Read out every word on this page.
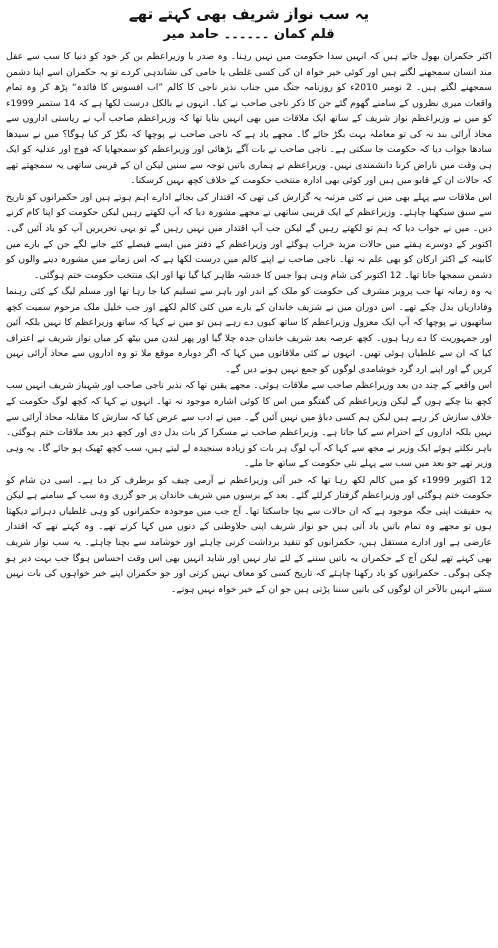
یہ سب نواز شریف بھی کہتے تھے
قلم کمان ۔۔۔۔۔۔ حامد میر

اکثر حکمران بھول جاتے ہیں کہ انہیں سدا حکومت میں نہیں رہنا۔ وہ صدر یا وزیراعظم بن کر خود کو دنیا کا سب سے عقل مند انسان سمجھنے لگتے ہیں اور کوئی خیر خواہ ان کی کسی غلطی یا خامی کی نشاندہی کردے تو یہ حکمران اسے اپنا دشمن سمجھنے لگتے ہیں۔ 2 نومبر 2010ء کو روزنامہ جنگ میں جناب نذیر ناجی کا کالم ”اب افسوس کا فائدہ“ پڑھ کر وہ تمام واقعات میری نظروں کے سامنے گھوم گئے جن کا ذکر ناجی صاحب نے کیا۔ انہوں نے بالکل درست لکھا ہے کہ 14 ستمبر 1999ء کو میں نے وزیراعظم نواز شریف کے ساتھ ایک ملاقات میں بھی انہیں بتایا تھا کہ وزیراعظم صاحب آپ نے ریاستی اداروں سے محاذ آرائی بند نہ کی تو معاملہ بہت بگڑ جائے گا۔ مجھے یاد ہے کہ ناجی صاحب نے پوچھا کہ بگڑ کر کیا ہوگا؟ میں نے سیدھا سادھا جواب دیا کہ حکومت جا سکتی ہے۔ ناجی صاحب نے بات آگے بڑھائی اور وزیراعظم کو سمجھایا کہ فوج اور عدلیہ کو ایک ہی وقت میں ناراض کرنا دانشمندی نہیں۔ وزیراعظم نے ہماری باتیں توجہ سے سنیں لیکن ان کے قریبی ساتھی یہ سمجھتے تھے کہ حالات ان کے قابو میں ہیں اور کوئی بھی ادارہ منتخب حکومت کے خلاف کچھ نہیں کرسکتا۔

اس ملاقات سے پہلے بھی میں نے کئی مرتبہ یہ گزارش کی تھی کہ اقتدار کی بجائے ادارے اہم ہوتے ہیں اور حکمرانوں کو تاریخ سے سبق سیکھنا چاہئے۔ وزیراعظم کے ایک قریبی ساتھی نے مجھے مشورہ دیا کہ آپ لکھتے رہیں لیکن حکومت کو اپنا کام کرنے دیں۔ میں نے جواب دیا کہ ہم تو لکھتے رہیں گے لیکن جب آپ اقتدار میں نہیں رہیں گے تو یہی تحریریں آپ کو یاد آئیں گی۔ اکتوبر کے دوسرے ہفتے میں حالات مزید خراب ہوگئے اور وزیراعظم کے دفتر میں ایسے فیصلے کئے جانے لگے جن کے بارے میں کابینہ کے اکثر ارکان کو بھی علم نہ تھا۔ ناجی صاحب نے اپنے کالم میں درست لکھا ہے کہ اس زمانے میں مشورہ دینے والوں کو دشمن سمجھا جاتا تھا۔ 12 اکتوبر کی شام وہی ہوا جس کا خدشہ ظاہر کیا گیا تھا اور ایک منتخب حکومت ختم ہوگئی۔

یہ وہ زمانہ تھا جب پرویز مشرف کی حکومت کو ملک کے اندر اور باہر سے تسلیم کیا جا رہا تھا اور مسلم لیگ کے کئی رہنما وفاداریاں بدل چکے تھے۔ اس دوران میں نے شریف خاندان کے بارے میں کئی کالم لکھے اور جب خلیل ملک مرحوم سمیت کچھ ساتھیوں نے پوچھا کہ آپ ایک معزول وزیراعظم کا ساتھ کیوں دے رہے ہیں تو میں نے کہا کہ ساتھ وزیراعظم کا نہیں بلکہ آئین اور جمہوریت کا دے رہا ہوں۔ کچھ عرصہ بعد شریف خاندان جدہ چلا گیا اور پھر لندن میں بیٹھ کر میاں نواز شریف نے اعتراف کیا کہ ان سے غلطیاں ہوئی تھیں۔ انہوں نے کئی ملاقاتوں میں کہا کہ اگر دوبارہ موقع ملا تو وہ اداروں سے محاذ آرائی نہیں کریں گے اور اپنے ارد گرد خوشامدی لوگوں کو جمع نہیں ہونے دیں گے۔

اس واقعے کے چند دن بعد وزیراعظم صاحب سے ملاقات ہوئی۔ مجھے یقین تھا کہ نذیر ناجی صاحب اور شہباز شریف انہیں سب کچھ بتا چکے ہوں گے لیکن وزیراعظم کی گفتگو میں اس کا کوئی اشارہ موجود نہ تھا۔ انہوں نے کہا کہ کچھ لوگ حکومت کے خلاف سازش کر رہے ہیں لیکن ہم کسی دباؤ میں نہیں آئیں گے۔ میں نے ادب سے عرض کیا کہ سازش کا مقابلہ محاذ آرائی سے نہیں بلکہ اداروں کے احترام سے کیا جاتا ہے۔ وزیراعظم صاحب نے مسکرا کر بات بدل دی اور کچھ دیر بعد ملاقات ختم ہوگئی۔ باہر نکلتے ہوئے ایک وزیر نے مجھ سے کہا کہ آپ لوگ ہر بات کو زیادہ سنجیدہ لے لیتے ہیں، سب کچھ ٹھیک ہو جائے گا۔ یہ وہی وزیر تھے جو بعد میں سب سے پہلے نئی حکومت کے ساتھ جا ملے۔

12 اکتوبر 1999ء کو میں کالم لکھ رہا تھا کہ خبر آئی وزیراعظم نے آرمی چیف کو برطرف کر دیا ہے۔ اسی دن شام کو حکومت ختم ہوگئی اور وزیراعظم گرفتار کرلئے گئے۔ بعد کے برسوں میں شریف خاندان پر جو گزری وہ سب کے سامنے ہے لیکن یہ حقیقت اپنی جگہ موجود ہے کہ ان حالات سے بچا جاسکتا تھا۔ آج جب میں موجودہ حکمرانوں کو وہی غلطیاں دہراتے دیکھتا ہوں تو مجھے وہ تمام باتیں یاد آتی ہیں جو نواز شریف اپنی جلاوطنی کے دنوں میں کہا کرتے تھے۔ وہ کہتے تھے کہ اقتدار عارضی ہے اور ادارے مستقل ہیں، حکمرانوں کو تنقید برداشت کرنی چاہئے اور خوشامد سے بچنا چاہئے۔ یہ سب نواز شریف بھی کہتے تھے لیکن آج کے حکمران یہ باتیں سننے کے لئے تیار نہیں اور شاید انہیں بھی اس وقت احساس ہوگا جب بہت دیر ہو چکی ہوگی۔ حکمرانوں کو یاد رکھنا چاہئے کہ تاریخ کسی کو معاف نہیں کرتی اور جو حکمران اپنے خیر خواہوں کی بات نہیں سنتے انہیں بالآخر ان لوگوں کی باتیں سننا پڑتی ہیں جو ان کے خیر خواہ نہیں ہوتے۔
